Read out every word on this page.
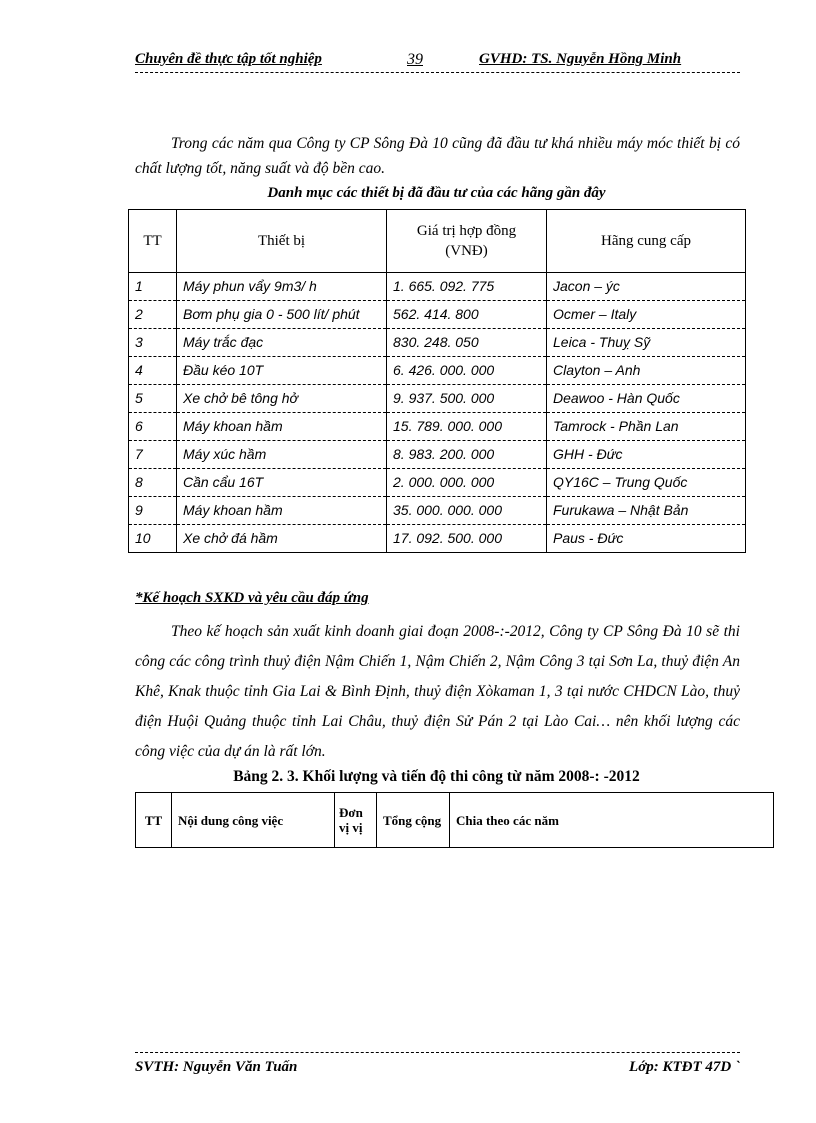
Chuyên đề thực tập tốt nghiệp	39	GVHD: TS. Nguyễn Hồng Minh
Trong các năm qua Công ty CP Sông Đà 10 cũng đã đầu tư khá nhiều máy móc thiết bị có chất lượng tốt, năng suất và độ bền cao.
Danh mục các thiết bị đã đầu tư của các hãng gần đây
TT	Thiết bị	Giá trị hợp đồng (VNĐ)	Hãng cung cấp
1	Máy phun vẩy 9m3/ h	1. 665. 092. 775	Jacon – ýc
2	Bơm phụ gia 0 - 500 lít/ phút	562. 414. 800	Ocmer – Italy
3	Máy trắc đạc	830. 248. 050	Leica - Thuỵ Sỹ
4	Đầu kéo 10T	6. 426. 000. 000	Clayton – Anh
5	Xe chở bê tông hở	9. 937. 500. 000	Deawoo - Hàn Quốc
6	Máy khoan hầm	15. 789. 000. 000	Tamrock - Phần Lan
7	Máy xúc hầm	8. 983. 200. 000	GHH - Đức
8	Cần cẩu 16T	2. 000. 000. 000	QY16C – Trung Quốc
9	Máy khoan hầm	35. 000. 000. 000	Furukawa – Nhật Bản
10	Xe chở đá hầm	17. 092. 500. 000	Paus - Đức
*Kế hoạch SXKD và yêu cầu đáp ứng
Theo kế hoạch sản xuất kinh doanh giai đoạn 2008-:-2012, Công ty CP Sông Đà 10 sẽ thi công các công trình thuỷ điện Nậm Chiến 1, Nậm Chiến 2, Nậm Công 3 tại Sơn La, thuỷ điện An Khê, Knak thuộc tỉnh Gia Lai & Bình Định, thuỷ điện Xòkaman 1, 3 tại nước CHDCN Lào, thuỷ điện Huội Quảng thuộc tỉnh Lai Châu, thuỷ điện Sử Pán 2 tại Lào Cai… nên khối lượng các công việc của dự án là rất lớn.
Bảng 2. 3. Khối lượng và tiến độ thi công từ năm 2008-: -2012
TT	Nội dung công việc	Đơn vị vị	Tổng cộng	Chia theo các năm
SVTH: Nguyễn Văn Tuấn	Lớp: KTĐT 47D `
